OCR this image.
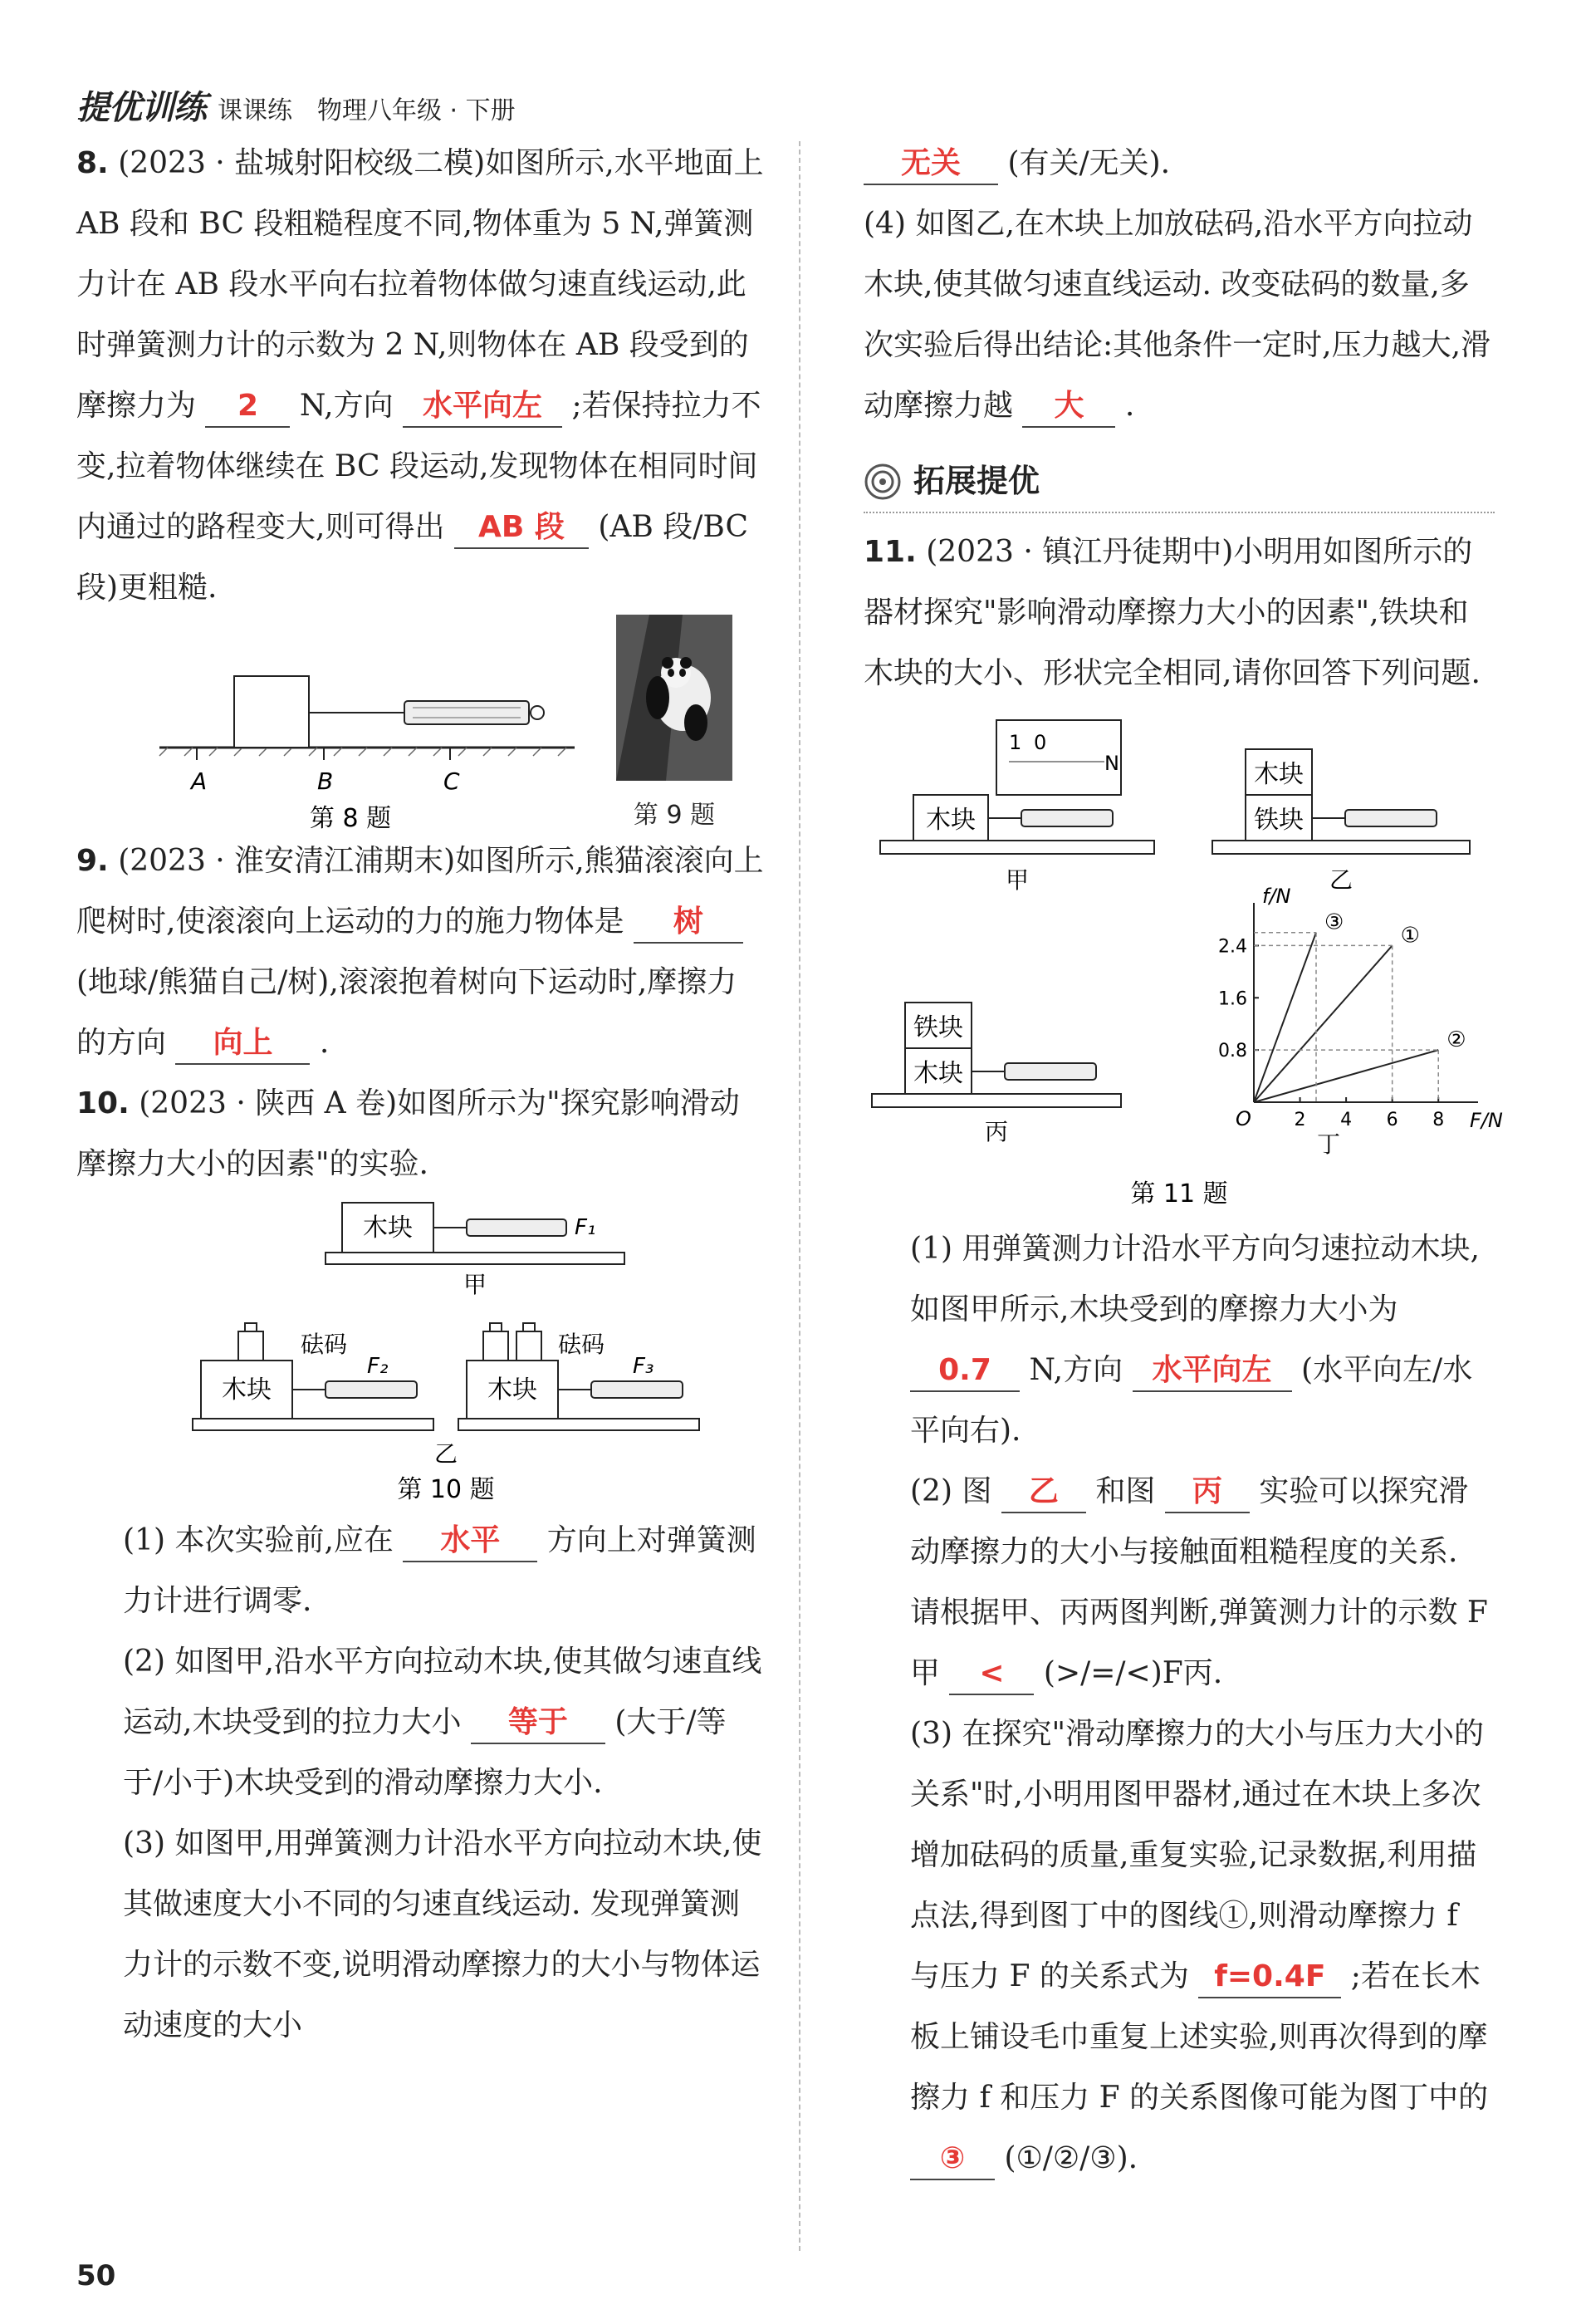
提优训练 课课练 物理八年级 · 下册

8. (2023 · 盐城射阳校级二模)如图所示,水平地面上 AB 段和 BC 段粗糙程度不同,物体重为 5 N,弹簧测力计在 AB 段水平向右拉着物体做匀速直线运动,此时弹簧测力计的示数为 2 N,则物体在 AB 段受到的摩擦力为 2 N,方向 水平向左 ;若保持拉力不变,拉着物体继续在 BC 段运动,发现物体在相同时间内通过的路程变大,则可得出 AB 段 (AB 段/BC 段)更粗糙.

A	B	C
第 8 题	第 9 题

9. (2023 · 淮安清江浦期末)如图所示,熊猫滚滚向上爬树时,使滚滚向上运动的力的施力物体是 树 (地球/熊猫自己/树),滚滚抱着树向下运动时,摩擦力的方向 向上 .

10. (2023 · 陕西 A 卷)如图所示为"探究影响滑动摩擦力大小的因素"的实验.

木块	F₁
甲
木块
砝码
F₂
木块
砝码
F₃
乙
第 10 题

(1) 本次实验前,应在 水平 方向上对弹簧测力计进行调零.

(2) 如图甲,沿水平方向拉动木块,使其做匀速直线运动,木块受到的拉力大小 等于 (大于/等于/小于)木块受到的滑动摩擦力大小.

(3) 如图甲,用弹簧测力计沿水平方向拉动木块,使其做速度大小不同的匀速直线运动. 发现弹簧测力计的示数不变,说明滑动摩擦力的大小与物体运动速度的大小

无关 (有关/无关).

(4) 如图乙,在木块上加放砝码,沿水平方向拉动木块,使其做匀速直线运动. 改变砝码的数量,多次实验后得出结论:其他条件一定时,压力越大,滑动摩擦力越 大 .

拓展提优

11. (2023 · 镇江丹徒期中)小明用如图所示的器材探究"影响滑动摩擦力大小的因素",铁块和木块的大小、形状完全相同,请你回答下列问题.

木块
1 0
N
甲
木块
铁块
乙
铁块
木块
丙	F/N
f/N
O 2 4 6 8
0.8
1.6
2.4	①
②
③
丁
第 11 题

(1) 用弹簧测力计沿水平方向匀速拉动木块,如图甲所示,木块受到的摩擦力大小为 0.7 N,方向 水平向左 (水平向左/水平向右).

(2) 图 乙 和图 丙 实验可以探究滑动摩擦力的大小与接触面粗糙程度的关系. 请根据甲、丙两图判断,弹簧测力计的示数 F甲 < (>/=/<)F丙.

(3) 在探究"滑动摩擦力的大小与压力大小的关系"时,小明用图甲器材,通过在木块上多次增加砝码的质量,重复实验,记录数据,利用描点法,得到图丁中的图线①,则滑动摩擦力 f 与压力 F 的关系式为 f=0.4F ;若在长木板上铺设毛巾重复上述实验,则再次得到的摩擦力 f 和压力 F 的关系图像可能为图丁中的 ③ (①/②/③).

50
